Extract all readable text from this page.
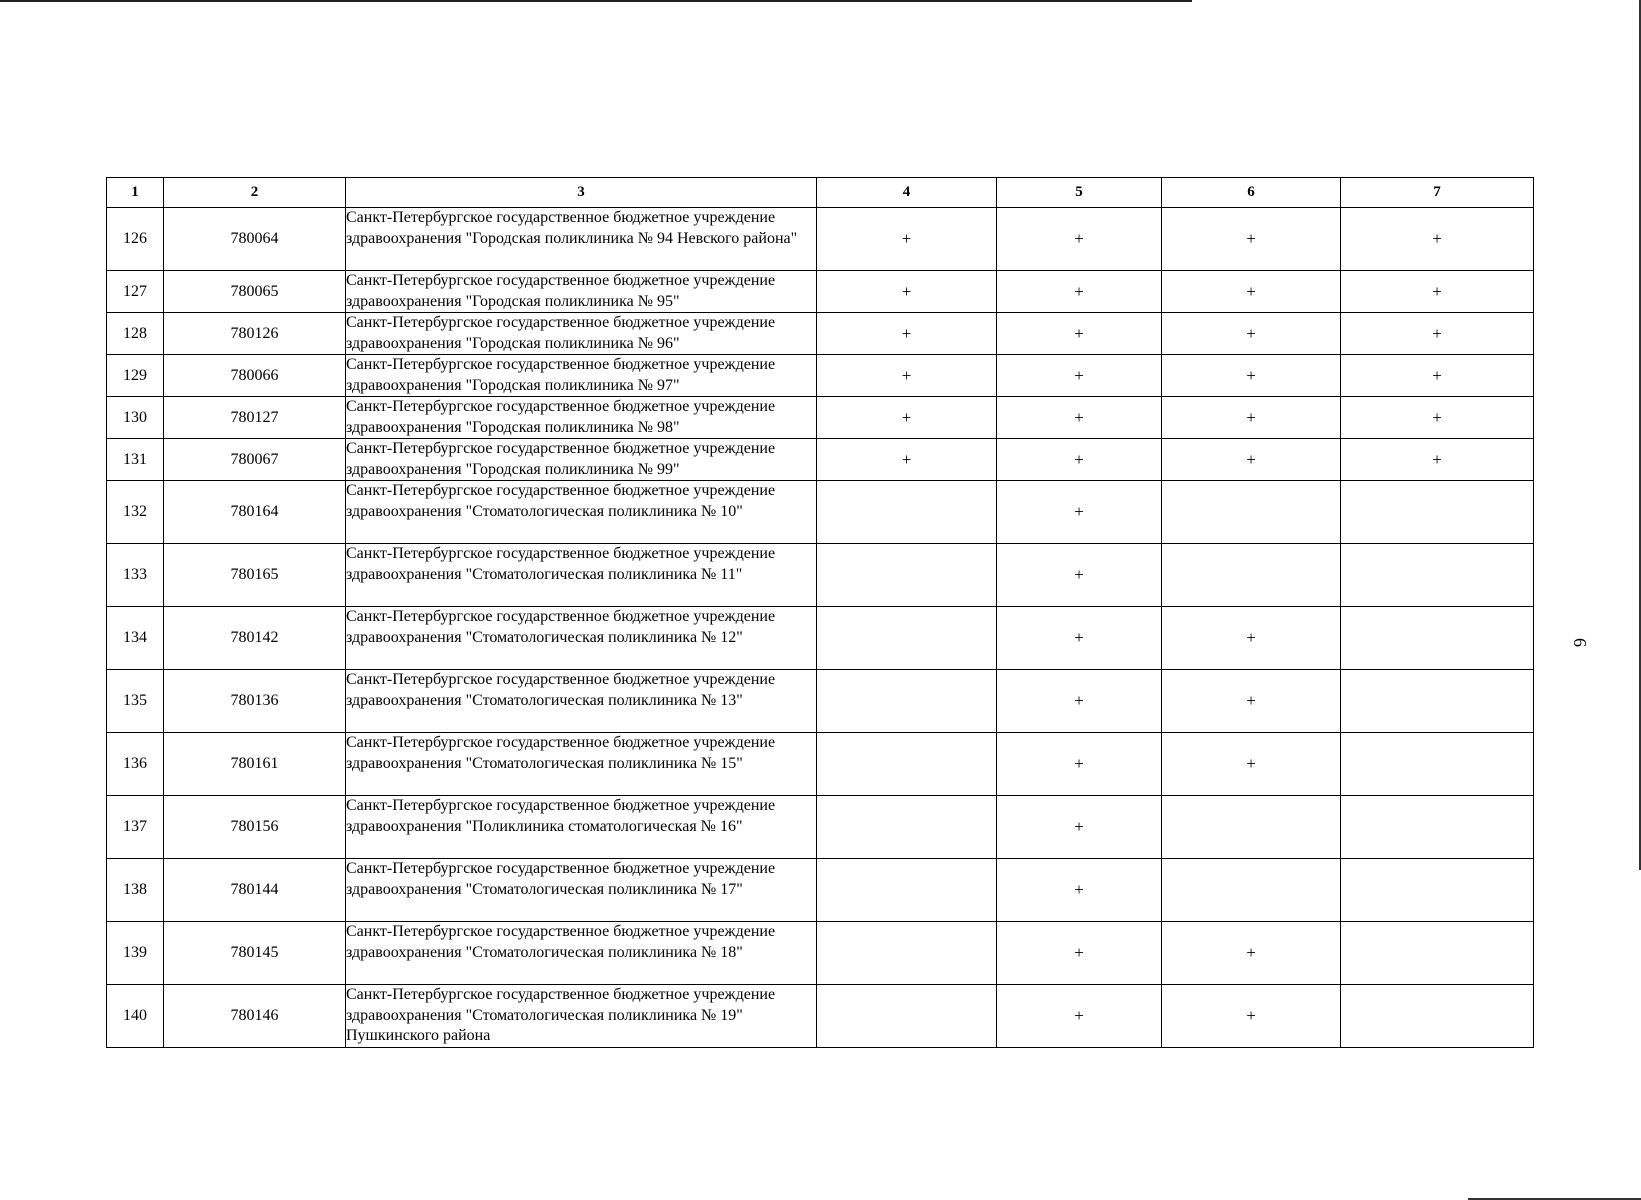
6
1	2	3	4	5	6	7
126	780064	Санкт-Петербургское государственное бюджетное учреждение здравоохранения "Городская поликлиника № 94 Невского района"	+	+	+	+
127	780065	Санкт-Петербургское государственное бюджетное учреждение здравоохранения "Городская поликлиника № 95"	+	+	+	+
128	780126	Санкт-Петербургское государственное бюджетное учреждение здравоохранения "Городская поликлиника № 96"	+	+	+	+
129	780066	Санкт-Петербургское государственное бюджетное учреждение здравоохранения "Городская поликлиника № 97"	+	+	+	+
130	780127	Санкт-Петербургское государственное бюджетное учреждение здравоохранения "Городская поликлиника № 98"	+	+	+	+
131	780067	Санкт-Петербургское государственное бюджетное учреждение здравоохранения "Городская поликлиника № 99"	+	+	+	+
132	780164	Санкт-Петербургское государственное бюджетное учреждение здравоохранения "Стоматологическая поликлиника № 10"		+		
133	780165	Санкт-Петербургское государственное бюджетное учреждение здравоохранения "Стоматологическая поликлиника № 11"		+		
134	780142	Санкт-Петербургское государственное бюджетное учреждение здравоохранения "Стоматологическая поликлиника № 12"		+	+	
135	780136	Санкт-Петербургское государственное бюджетное учреждение здравоохранения "Стоматологическая поликлиника № 13"		+	+	
136	780161	Санкт-Петербургское государственное бюджетное учреждение здравоохранения "Стоматологическая поликлиника № 15"		+	+	
137	780156	Санкт-Петербургское государственное бюджетное учреждение здравоохранения "Поликлиника стоматологическая № 16"		+		
138	780144	Санкт-Петербургское государственное бюджетное учреждение здравоохранения "Стоматологическая поликлиника № 17"		+		
139	780145	Санкт-Петербургское государственное бюджетное учреждение здравоохранения "Стоматологическая поликлиника № 18"		+	+	
140	780146	Санкт-Петербургское государственное бюджетное учреждение здравоохранения "Стоматологическая поликлиника № 19" Пушкинского района		+	+	
